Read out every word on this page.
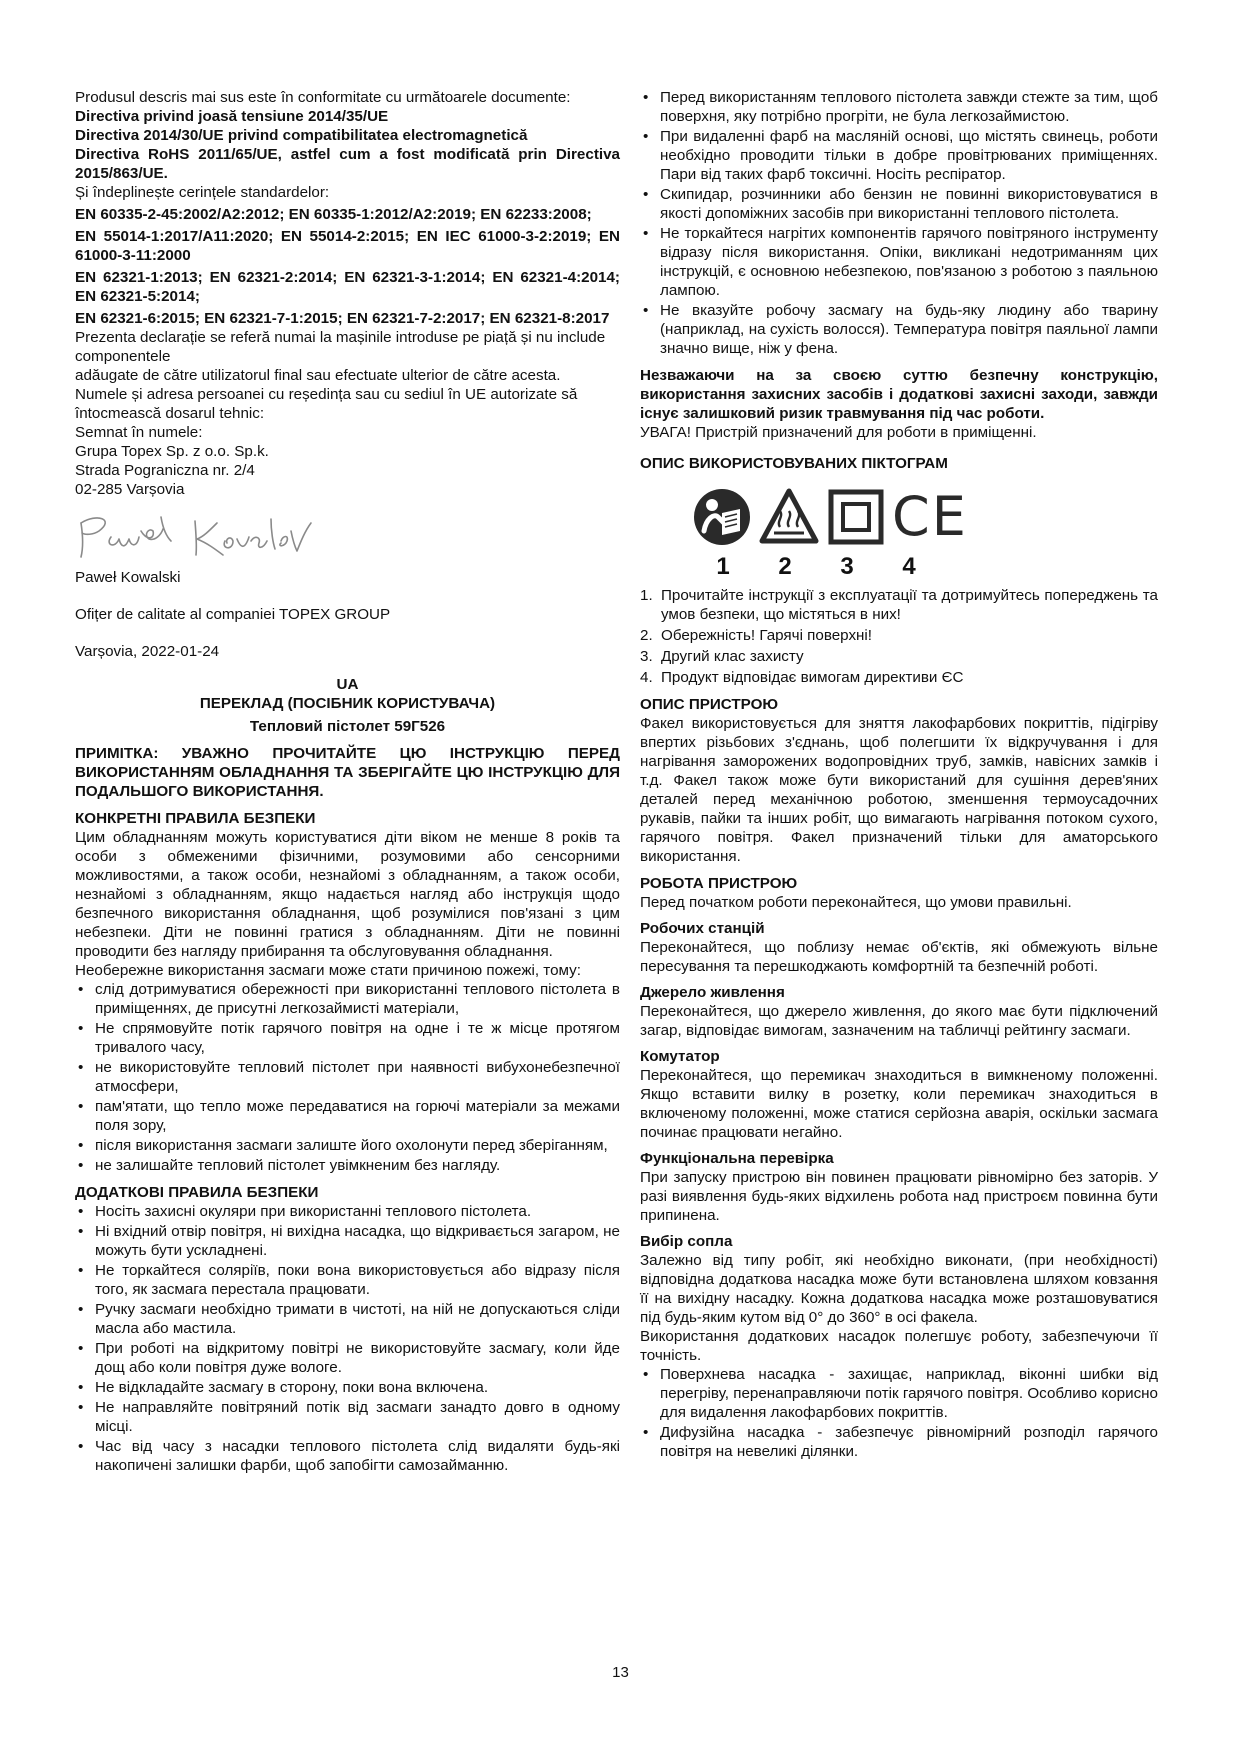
Produsul descris mai sus este în conformitate cu următoarele documente:

Directiva privind joasă tensiune 2014/35/UE

Directiva 2014/30/UE privind compatibilitatea electromagnetică

Directiva RoHS 2011/65/UE, astfel cum a fost modificată prin Directiva 2015/863/UE.

Și îndeplinește cerințele standardelor:

EN 60335-2-45:2002/A2:2012; EN 60335-1:2012/A2:2019; EN 62233:2008;

EN 55014-1:2017/A11:2020; EN 55014-2:2015; EN IEC 61000-3-2:2019; EN 61000-3-11:2000

EN 62321-1:2013; EN 62321-2:2014; EN 62321-3-1:2014; EN 62321-4:2014; EN 62321-5:2014;

EN 62321-6:2015; EN 62321-7-1:2015; EN 62321-7-2:2017; EN 62321-8:2017

Prezenta declarație se referă numai la mașinile introduse pe piață și nu include componentele

adăugate de către utilizatorul final sau efectuate ulterior de către acesta.

Numele și adresa persoanei cu reședința sau cu sediul în UE autorizate să întocmească dosarul tehnic:

Semnat în numele:

Grupa Topex Sp. z o.o. Sp.k.

Strada Pograniczna nr. 2/4

02-285 Varșovia

Paweł Kowalski

Ofițer de calitate al companiei TOPEX GROUP

Varșovia, 2022-01-24

UA

ПЕРЕКЛАД (ПОСІБНИК КОРИСТУВАЧА)

Тепловий пістолет 59Г526

ПРИМІТКА: УВАЖНО ПРОЧИТАЙТЕ ЦЮ ІНСТРУКЦІЮ ПЕРЕД ВИКОРИСТАННЯМ ОБЛАДНАННЯ ТА ЗБЕРІГАЙТЕ ЦЮ ІНСТРУКЦІЮ ДЛЯ ПОДАЛЬШОГО ВИКОРИСТАННЯ.

КОНКРЕТНІ ПРАВИЛА БЕЗПЕКИ

Цим обладнанням можуть користуватися діти віком не менше 8 років та особи з обмеженими фізичними, розумовими або сенсорними можливостями, а також особи, незнайомі з обладнанням, а також особи, незнайомі з обладнанням, якщо надається нагляд або інструкція щодо безпечного використання обладнання, щоб розумілися пов'язані з цим небезпеки. Діти не повинні гратися з обладнанням. Діти не повинні проводити без нагляду прибирання та обслуговування обладнання.

Необережне використання засмаги може стати причиною пожежі, тому:

• слід дотримуватися обережності при використанні теплового пістолета в приміщеннях, де присутні легкозаймисті матеріали,
• Не спрямовуйте потік гарячого повітря на одне і те ж місце протягом тривалого часу,
• не використовуйте тепловий пістолет при наявності вибухонебезпечної атмосфери,
• пам'ятати, що тепло може передаватися на горючі матеріали за межами поля зору,
• після використання засмаги залиште його охолонути перед зберіганням,
• не залишайте тепловий пістолет увімкненим без нагляду.

ДОДАТКОВІ ПРАВИЛА БЕЗПЕКИ

• Носіть захисні окуляри при використанні теплового пістолета.
• Ні вхідний отвір повітря, ні вихідна насадка, що відкривається загаром, не можуть бути ускладнені.
• Не торкайтеся соляріїв, поки вона використовується або відразу після того, як засмага перестала працювати.
• Ручку засмаги необхідно тримати в чистоті, на ній не допускаються сліди масла або мастила.
• При роботі на відкритому повітрі не використовуйте засмагу, коли йде дощ або коли повітря дуже вологе.
• Не відкладайте засмагу в сторону, поки вона включена.
• Не направляйте повітряний потік від засмаги занадто довго в одному місці.
• Час від часу з насадки теплового пістолета слід видаляти будь-які накопичені залишки фарби, щоб запобігти самозайманню.
• Перед використанням теплового пістолета завжди стежте за тим, щоб поверхня, яку потрібно прогріти, не була легкозаймистою.
• При видаленні фарб на масляній основі, що містять свинець, роботи необхідно проводити тільки в добре провітрюваних приміщеннях. Пари від таких фарб токсичні. Носіть респіратор.
• Скипидар, розчинники або бензин не повинні використовуватися в якості допоміжних засобів при використанні теплового пістолета.
• Не торкайтеся нагрітих компонентів гарячого повітряного інструменту відразу після використання. Опіки, викликані недотриманням цих інструкцій, є основною небезпекою, пов'язаною з роботою з паяльною лампою.
• Не вказуйте робочу засмагу на будь-яку людину або тварину (наприклад, на сухість волосся). Температура повітря паяльної лампи значно вище, ніж у фена.

Незважаючи на за своєю суттю безпечну конструкцію, використання захисних засобів і додаткові захисні заходи, завжди існує залишковий ризик травмування під час роботи.

УВАГА! Пристрій призначений для роботи в приміщенні.

ОПИС ВИКОРИСТОВУВАНИХ ПІКТОГРАМ

CE
1	2	3	4
1. Прочитайте інструкції з експлуатації та дотримуйтесь попереджень та умов безпеки, що містяться в них!
2. Обережність! Гарячі поверхні!
3. Другий клас захисту
4. Продукт відповідає вимогам директиви ЄС

ОПИС ПРИСТРОЮ

Факел використовується для зняття лакофарбових покриттів, підігріву впертих різьбових з'єднань, щоб полегшити їх відкручування і для нагрівання заморожених водопровідних труб, замків, навісних замків і т.д. Факел також може бути використаний для сушіння дерев'яних деталей перед механічною роботою, зменшення термоусадочних рукавів, пайки та інших робіт, що вимагають нагрівання потоком сухого, гарячого повітря. Факел призначений тільки для аматорського використання.

РОБОТА ПРИСТРОЮ

Перед початком роботи переконайтеся, що умови правильні.

Робочих станцій

Переконайтеся, що поблизу немає об'єктів, які обмежують вільне пересування та перешкоджають комфортній та безпечній роботі.

Джерело живлення

Переконайтеся, що джерело живлення, до якого має бути підключений загар, відповідає вимогам, зазначеним на табличці рейтингу засмаги.

Комутатор

Переконайтеся, що перемикач знаходиться в вимкненому положенні. Якщо вставити вилку в розетку, коли перемикач знаходиться в включеному положенні, може статися серйозна аварія, оскільки засмага починає працювати негайно.

Функціональна перевірка

При запуску пристрою він повинен працювати рівномірно без заторів. У разі виявлення будь-яких відхилень робота над пристроєм повинна бути припинена.

Вибір сопла

Залежно від типу робіт, які необхідно виконати, (при необхідності) відповідна додаткова насадка може бути встановлена шляхом ковзання її на вихідну насадку. Кожна додаткова насадка може розташовуватися під будь-яким кутом від 0° до 360° в осі факела.

Використання додаткових насадок полегшує роботу, забезпечуючи її точність.

• Поверхнева насадка - захищає, наприклад, віконні шибки від перегріву, перенаправляючи потік гарячого повітря. Особливо корисно для видалення лакофарбових покриттів.
• Дифузійна насадка - забезпечує рівномірний розподіл гарячого повітря на невеликі ділянки.
13
